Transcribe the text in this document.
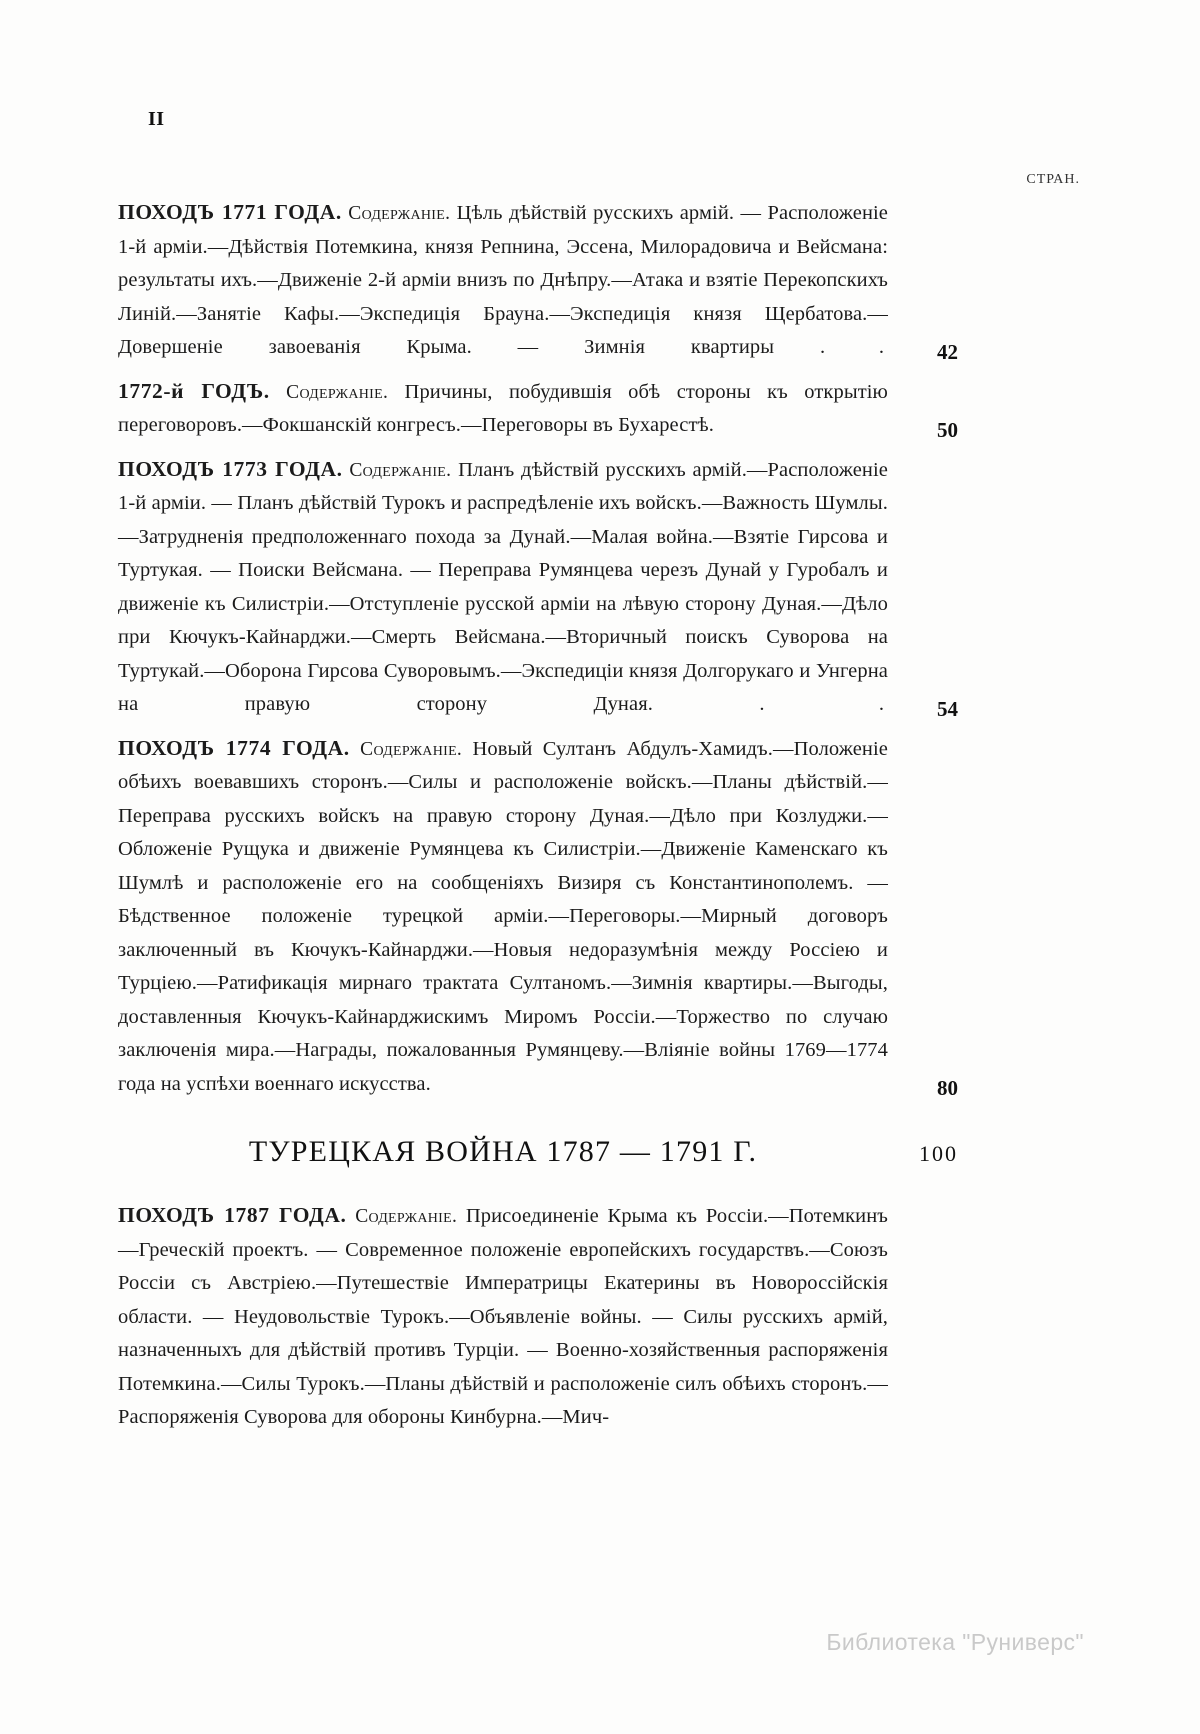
II
СТРАН.

ПОХОДЪ 1771 ГОДА. Содержаніе. Цѣль дѣйствій русскихъ армій. — Расположеніе 1-й арміи.—Дѣйствія Потемкина, князя Репнина, Эссена, Милорадовича и Вейсмана: результаты ихъ.—Движеніе 2-й арміи внизъ по Днѣпру.—Атака и взятіе Перекопскихъ Линій.—Занятіе Кафы.—Экспедиція Брауна.—Экспедиція князя Щербатова.—Довершеніе завоеванія Крыма. — Зимнія квартиры . . 42

1772-й ГОДЪ. Содержаніе. Причины, побудившія обѣ стороны къ открытію переговоровъ.—Фокшанскій конгресъ.—Переговоры въ Бухарестѣ.	50

ПОХОДЪ 1773 ГОДА. Содержаніе. Планъ дѣйствій русскихъ армій.—Расположеніе 1-й арміи. — Планъ дѣйствій Турокъ и распредѣленіе ихъ войскъ.—Важность Шумлы.—Затрудненія предположеннаго похода за Дунай.—Малая война.—Взятіе Гирсова и Туртукая. — Поиски Вейсмана. — Переправа Румянцева черезъ Дунай у Гуробалъ и движеніе къ Силистріи.—Отступленіе русской арміи на лѣвую сторону Дуная.—Дѣло при Кючукъ-Кайнарджи.—Смерть Вейсмана.—Вторичный поискъ Суворова на Туртукай.—Оборона Гирсова Суворовымъ.—Экспедиціи князя Долгорукаго и Унгерна на правую сторону Дуная.	. . 54

ПОХОДЪ 1774 ГОДА. Содержаніе. Новый Султанъ Абдулъ-Хамидъ.—Положеніе обѣихъ воевавшихъ сторонъ.—Силы и расположеніе войскъ.—Планы дѣйствій.—Переправа русскихъ войскъ на правую сторону Дуная.—Дѣло при Козлуджи.—Обложеніе Рущука и движеніе Румянцева къ Силистріи.—Движеніе Каменскаго къ Шумлѣ и расположеніе его на сообщеніяхъ Визиря съ Константинополемъ. — Бѣдственное положеніе турецкой арміи.—Переговоры.—Мирный договоръ заключенный въ Кючукъ-Кайнарджи.—Новыя недоразумѣнія между Россіею и Турціею.—Ратификація мирнаго трактата Султаномъ.—Зимнія квартиры.—Выгоды, доставленныя Кючукъ-Кайнарджискимъ Миромъ Россіи.—Торжество по случаю заключенія мира.—Награды, пожалованныя Румянцеву.—Вліяніе войны 1769—1774 года на успѣхи военнаго искусства.	80
ТУРЕЦКАЯ ВОЙНА 1787 — 1791 Г.	100

ПОХОДЪ 1787 ГОДА. Содержаніе. Присоединеніе Крыма къ Россіи.—Потемкинъ —Греческій проектъ. — Современное положеніе европейскихъ государствъ.—Союзъ Россіи съ Австріею.—Путешествіе Императрицы Екатерины въ Новороссійскія области. — Неудовольствіе Турокъ.—Объявленіе войны. — Силы русскихъ армій, назначенныхъ для дѣйствій противъ Турціи. — Военно-хозяйственныя распоряженія Потемкина.—Силы Турокъ.—Планы дѣйствій и расположеніе силъ обѣихъ сторонъ.—Распоряженія Суворова для обороны Кинбурна.—Мич-

Библиотека "Руниверс"
